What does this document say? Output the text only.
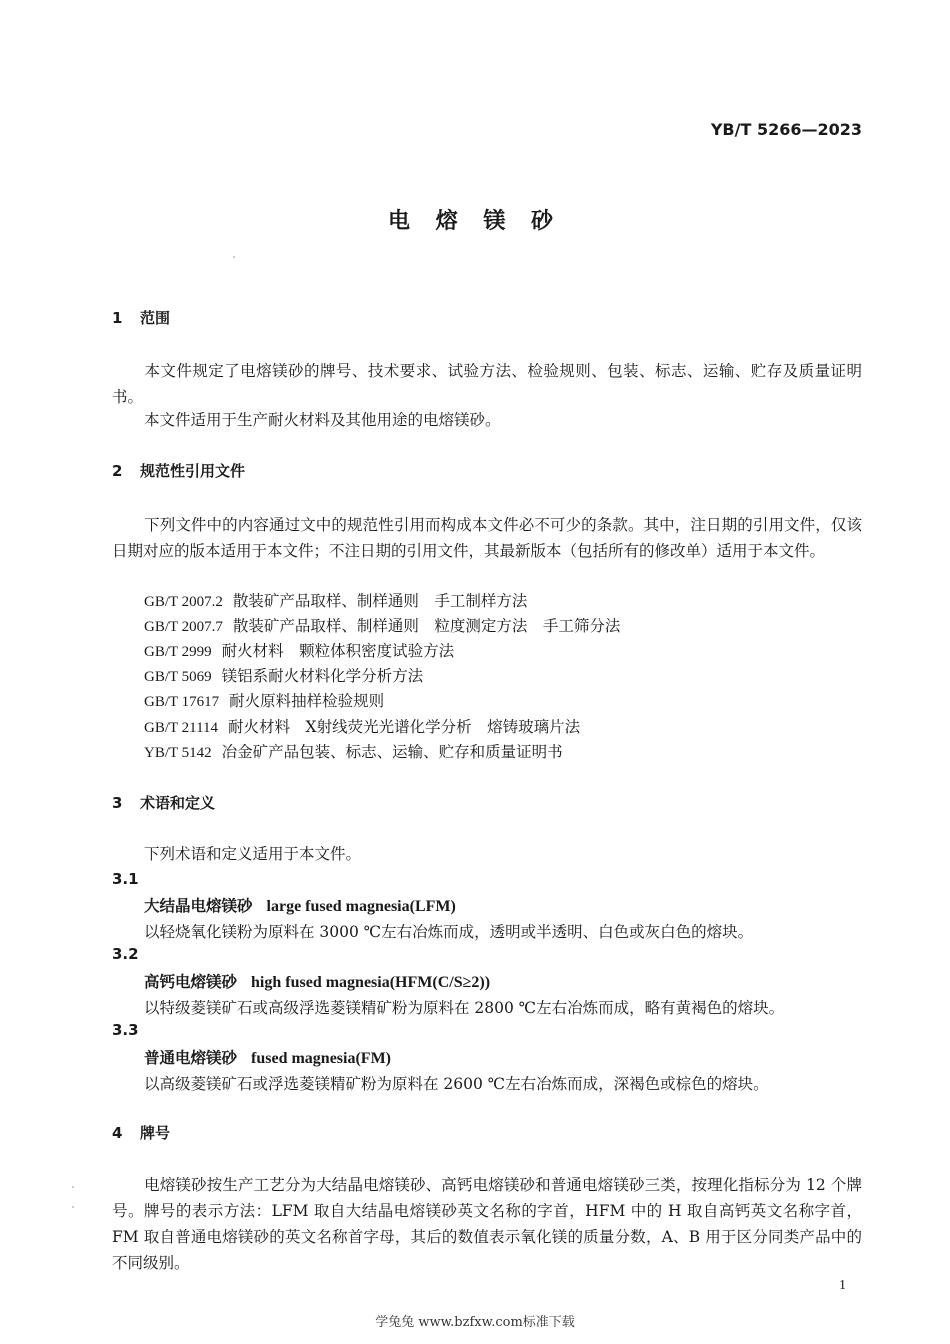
YB/T 5266—2023
电 熔 镁 砂
1 范围
本文件规定了电熔镁砂的牌号、技术要求、试验方法、检验规则、包装、标志、运输、贮存及质量证明书。
本文件适用于生产耐火材料及其他用途的电熔镁砂。
2 规范性引用文件
下列文件中的内容通过文中的规范性引用而构成本文件必不可少的条款。其中，注日期的引用文件，仅该日期对应的版本适用于本文件；不注日期的引用文件，其最新版本（包括所有的修改单）适用于本文件。
GB/T 2007.2 散装矿产品取样、制样通则　手工制样方法
GB/T 2007.7 散装矿产品取样、制样通则　粒度测定方法　手工筛分法
GB/T 2999 耐火材料　颗粒体积密度试验方法
GB/T 5069 镁铝系耐火材料化学分析方法
GB/T 17617 耐火原料抽样检验规则
GB/T 21114 耐火材料　X射线荧光光谱化学分析　熔铸玻璃片法
YB/T 5142 冶金矿产品包装、标志、运输、贮存和质量证明书
3 术语和定义
下列术语和定义适用于本文件。
3.1
大结晶电熔镁砂 large fused magnesia(LFM)
以轻烧氧化镁粉为原料在 3000 ℃左右冶炼而成，透明或半透明、白色或灰白色的熔块。
3.2
高钙电熔镁砂 high fused magnesia(HFM(C/S≥2))
以特级菱镁矿石或高级浮选菱镁精矿粉为原料在 2800 ℃左右冶炼而成，略有黄褐色的熔块。
3.3
普通电熔镁砂 fused magnesia(FM)
以高级菱镁矿石或浮选菱镁精矿粉为原料在 2600 ℃左右冶炼而成，深褐色或棕色的熔块。
4 牌号
电熔镁砂按生产工艺分为大结晶电熔镁砂、高钙电熔镁砂和普通电熔镁砂三类，按理化指标分为 12 个牌号。牌号的表示方法：LFM 取自大结晶电熔镁砂英文名称的字首，HFM 中的 H 取自高钙英文名称字首，FM 取自普通电熔镁砂的英文名称首字母，其后的数值表示氧化镁的质量分数，A、B 用于区分同类产品中的不同级别。
1
学兔兔 www.bzfxw.com标准下载
